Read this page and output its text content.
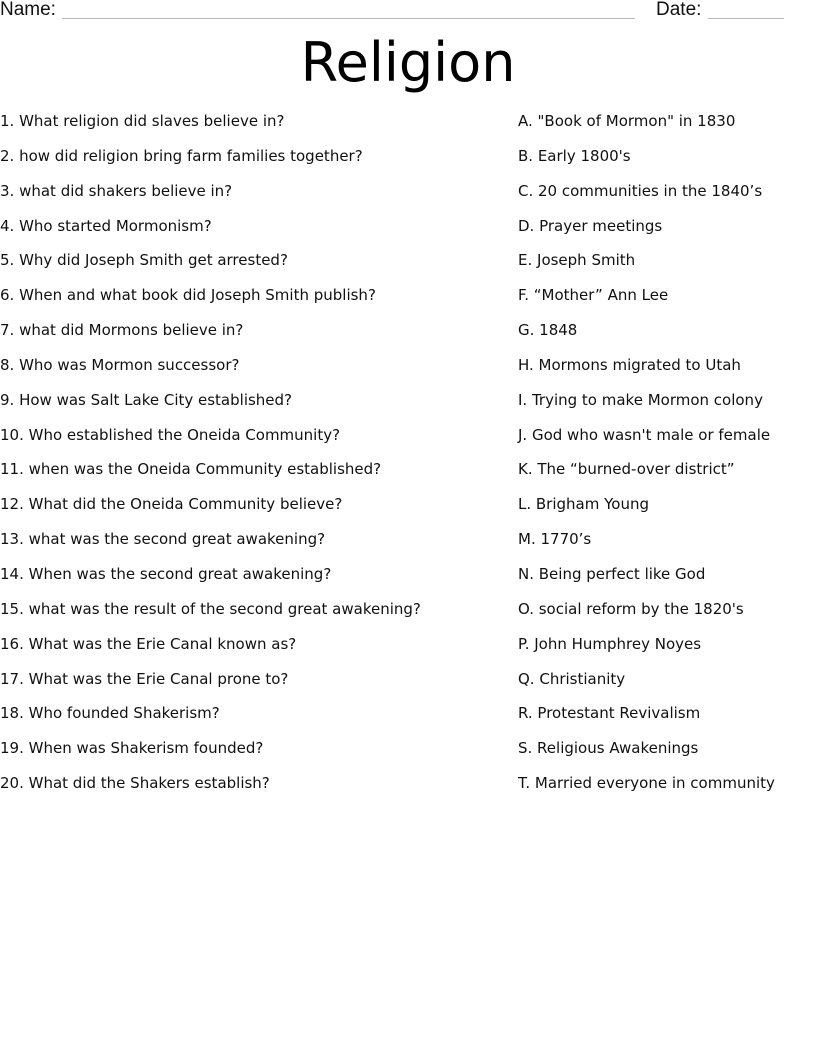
Name:	Date:
Religion
1. What religion did slaves believe in?
2. how did religion bring farm families together?
3. what did shakers believe in?
4. Who started Mormonism?
5. Why did Joseph Smith get arrested?
6. When and what book did Joseph Smith publish?
7. what did Mormons believe in?
8. Who was Mormon successor?
9. How was Salt Lake City established?
10. Who established the Oneida Community?
11. when was the Oneida Community established?
12. What did the Oneida Community believe?
13. what was the second great awakening?
14. When was the second great awakening?
15. what was the result of the second great awakening?
16. What was the Erie Canal known as?
17. What was the Erie Canal prone to?
18. Who founded Shakerism?
19. When was Shakerism founded?
20. What did the Shakers establish?
A. "Book of Mormon" in 1830
B. Early 1800's
C. 20 communities in the 1840’s
D. Prayer meetings
E. Joseph Smith
F. “Mother” Ann Lee
G. 1848
H. Mormons migrated to Utah
I. Trying to make Mormon colony
J. God who wasn't male or female
K. The “burned-over district”
L. Brigham Young
M. 1770’s
N. Being perfect like God
O. social reform by the 1820's
P. John Humphrey Noyes
Q. Christianity
R. Protestant Revivalism
S. Religious Awakenings
T. Married everyone in community
